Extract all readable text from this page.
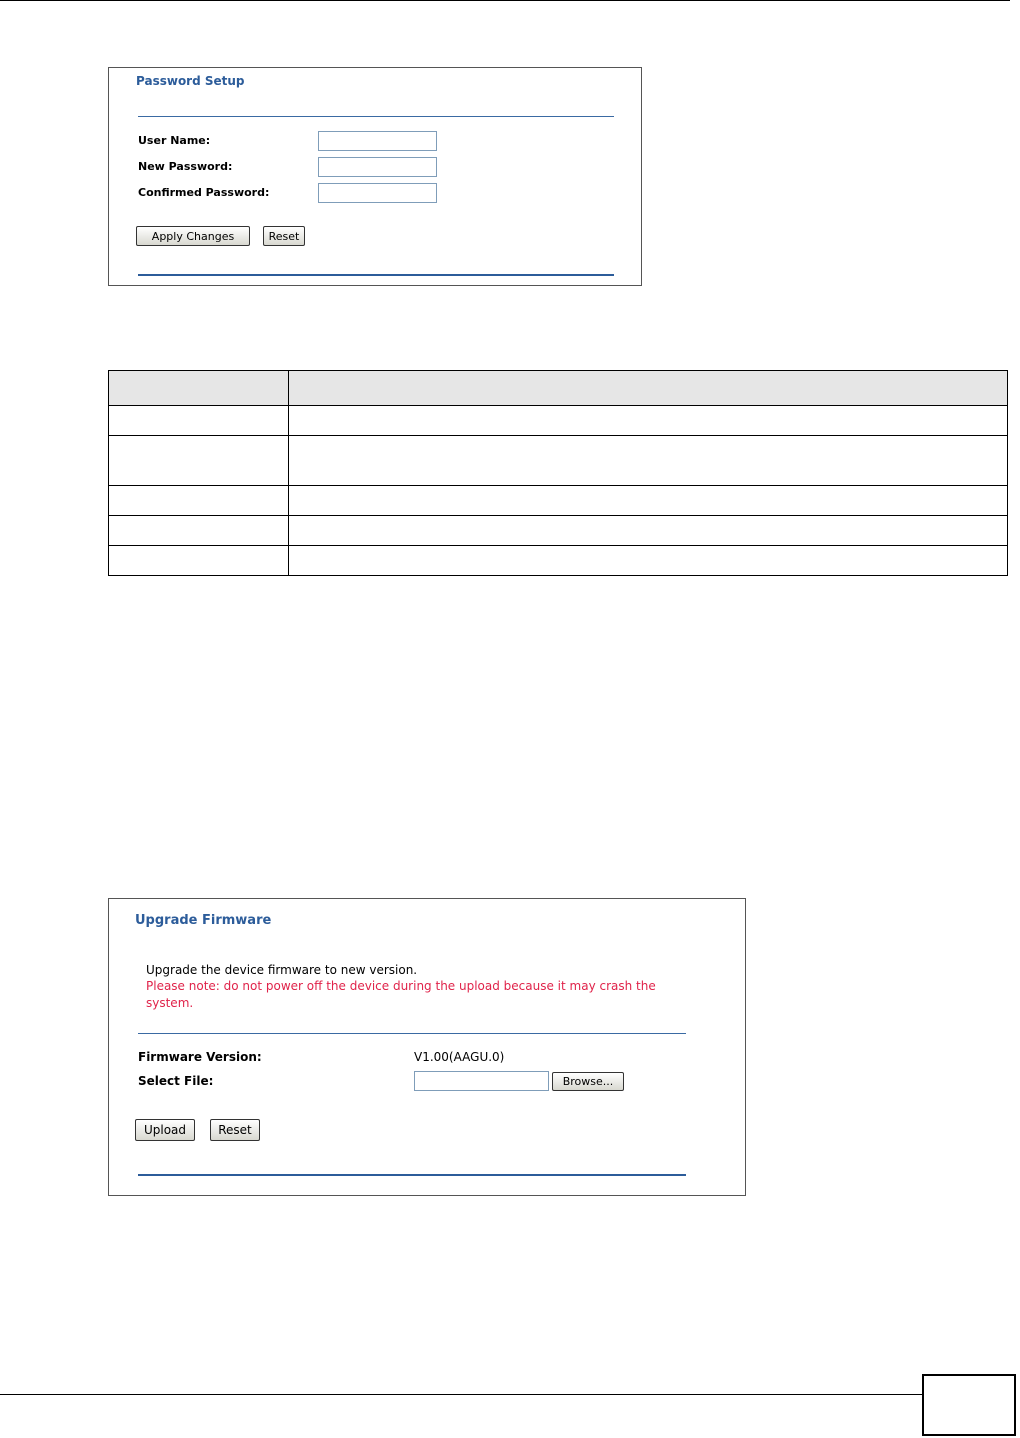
Password Setup
User Name:
New Password:
Confirmed Password:
Apply Changes	Reset

Upgrade Firmware
Upgrade the device firmware to new version.
Please note: do not power off the device during the upload because it may crash the
system.
Firmware Version:	V1.00(AAGU.0)
Select File:	Browse...
Upload	Reset
